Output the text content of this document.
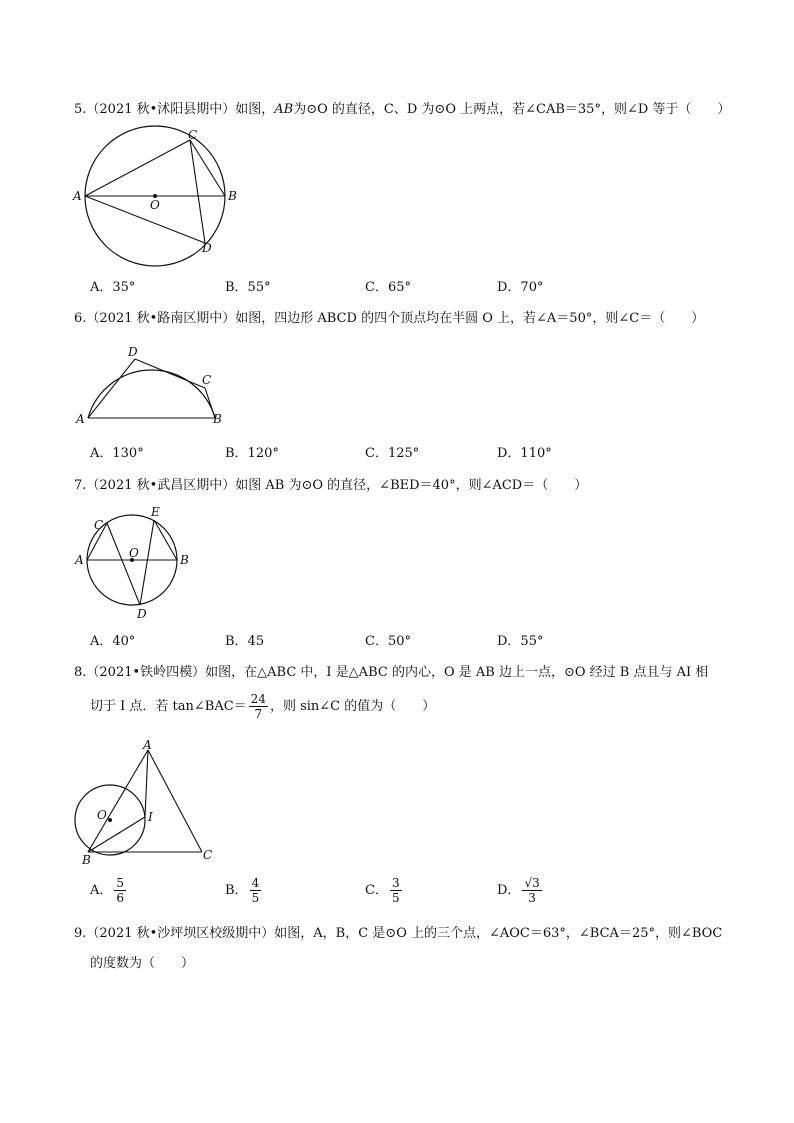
5.（2021 秋•沭阳县期中）如图，AB为⊙O 的直径，C、D 为⊙O 上两点，若∠CAB＝35°，则∠D 等于（　　）
A	B
C
D
O
A．35°	B．55°	C．65°	D．70°
6.（2021 秋•路南区期中）如图，四边形 ABCD 的四个顶点均在半圆 O 上，若∠A＝50°，则∠C＝（　　）
A	B
C
D
A．130°	B．120°	C．125°	D．110°
7.（2021 秋•武昌区期中）如图 AB 为⊙O 的直径，∠BED＝40°，则∠ACD＝（　　）
A	B
C
D
E
O
A．40°	B．45	C．50°	D．55°
8.（2021•铁岭四模）如图，在△ABC 中，I 是△ABC 的内心，O 是 AB 边上一点，⊙O 经过 B 点且与 AI 相
切于 I 点．若 tan∠BAC＝ $\frac{24}{7}$ ，则 sin∠C 的值为（　　）
A
B	C
I
O
A． $\frac{5}{6}$	B． $\frac{4}{5}$	C． $\frac{3}{5}$	D． $\frac{√3}{3}$
9.（2021 秋•沙坪坝区校级期中）如图，A，B，C 是⊙O 上的三个点，∠AOC＝63°，∠BCA＝25°，则∠BOC
的度数为（　　）
